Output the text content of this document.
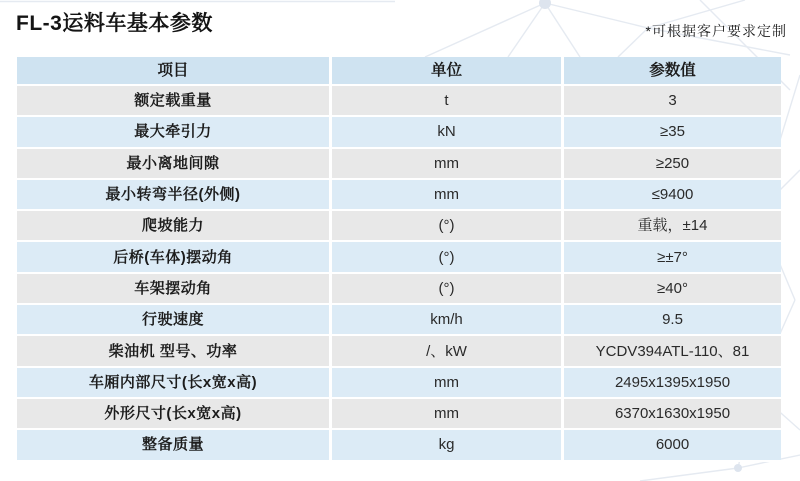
FL-3运料车基本参数	*可根据客户要求定制
项目	单位	参数值
额定载重量	t	3
最大牵引力	kN	≥35
最小离地间隙	mm	≥250
最小转弯半径(外侧)	mm	≤9400
爬坡能力	(°)	重载，±14
后桥(车体)摆动角	(°)	≥±7°
车架摆动角	(°)	≥40°
行驶速度	km/h	9.5
柴油机 型号、功率	/、kW	YCDV394ATL-110、81
车厢内部尺寸(长x宽x高)	mm	2495x1395x1950
外形尺寸(长x宽x高)	mm	6370x1630x1950
整备质量	kg	6000
